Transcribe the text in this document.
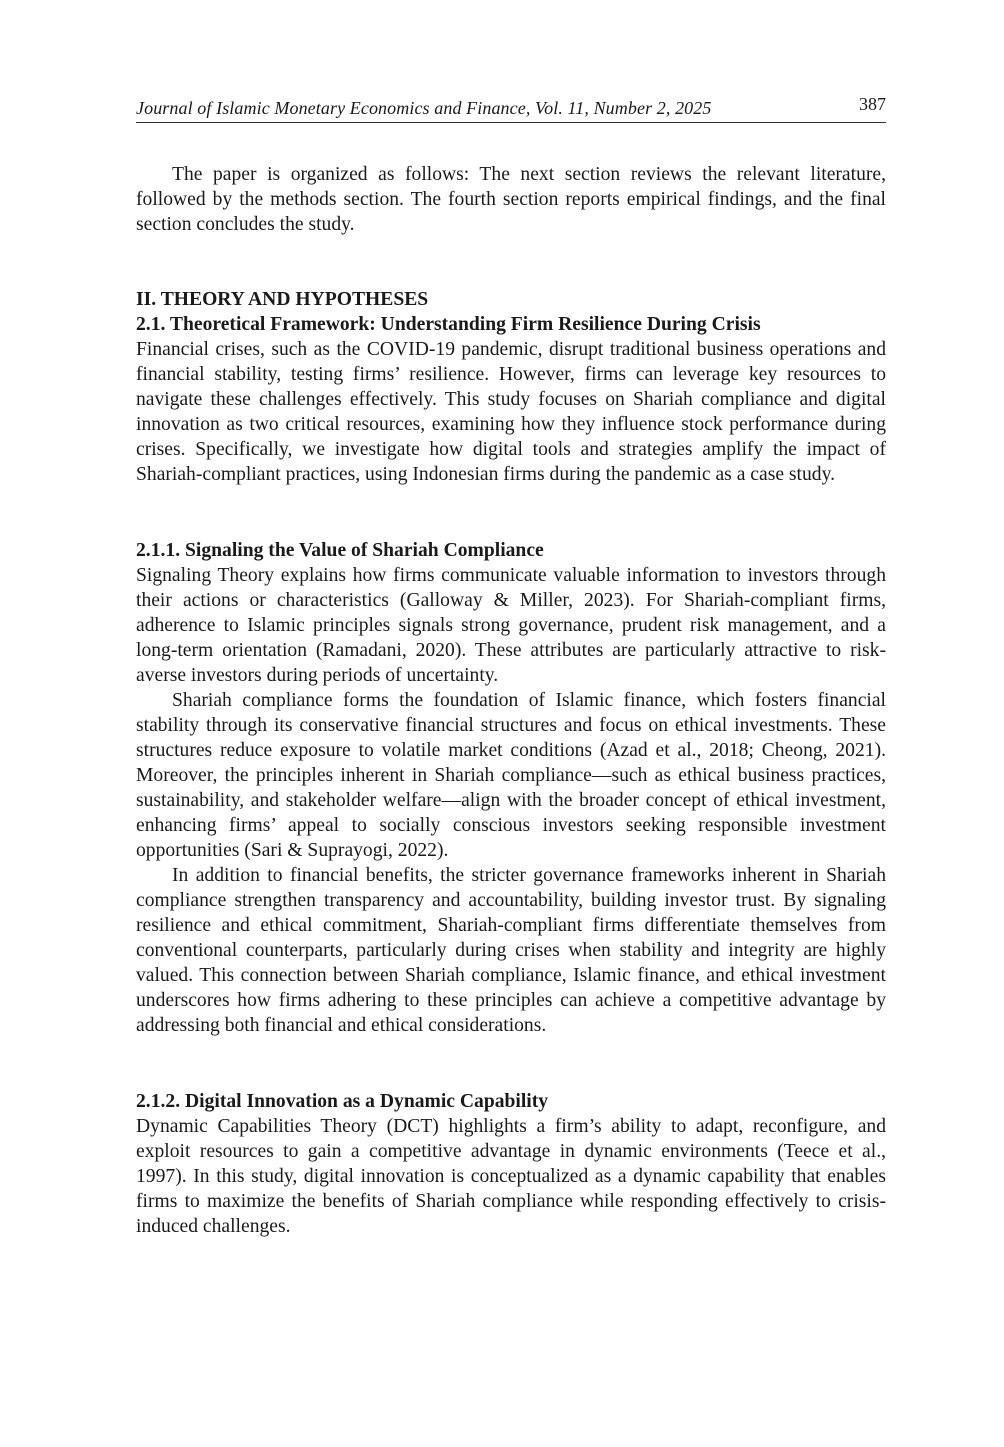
Journal of Islamic Monetary Economics and Finance, Vol. 11, Number 2, 2025	387

The paper is organized as follows: The next section reviews the relevant literature, followed by the methods section. The fourth section reports empirical findings, and the final section concludes the study.

II. THEORY AND HYPOTHESES
2.1. Theoretical Framework: Understanding Firm Resilience During Crisis

Financial crises, such as the COVID-19 pandemic, disrupt traditional business operations and financial stability, testing firms’ resilience. However, firms can leverage key resources to navigate these challenges effectively. This study focuses on Shariah compliance and digital innovation as two critical resources, examining how they influence stock performance during crises. Specifically, we investigate how digital tools and strategies amplify the impact of Shariah-compliant practices, using Indonesian firms during the pandemic as a case study.

2.1.1. Signaling the Value of Shariah Compliance

Signaling Theory explains how firms communicate valuable information to investors through their actions or characteristics (Galloway & Miller, 2023). For Shariah-compliant firms, adherence to Islamic principles signals strong governance, prudent risk management, and a long-term orientation (Ramadani, 2020). These attributes are particularly attractive to risk-averse investors during periods of uncertainty.

Shariah compliance forms the foundation of Islamic finance, which fosters financial stability through its conservative financial structures and focus on ethical investments. These structures reduce exposure to volatile market conditions (Azad et al., 2018; Cheong, 2021). Moreover, the principles inherent in Shariah compliance—such as ethical business practices, sustainability, and stakeholder welfare—align with the broader concept of ethical investment, enhancing firms’ appeal to socially conscious investors seeking responsible investment opportunities (Sari & Suprayogi, 2022).

In addition to financial benefits, the stricter governance frameworks inherent in Shariah compliance strengthen transparency and accountability, building investor trust. By signaling resilience and ethical commitment, Shariah-compliant firms differentiate themselves from conventional counterparts, particularly during crises when stability and integrity are highly valued. This connection between Shariah compliance, Islamic finance, and ethical investment underscores how firms adhering to these principles can achieve a competitive advantage by addressing both financial and ethical considerations.

2.1.2. Digital Innovation as a Dynamic Capability

Dynamic Capabilities Theory (DCT) highlights a firm’s ability to adapt, reconfigure, and exploit resources to gain a competitive advantage in dynamic environments (Teece et al., 1997). In this study, digital innovation is conceptualized as a dynamic capability that enables firms to maximize the benefits of Shariah compliance while responding effectively to crisis-induced challenges.
